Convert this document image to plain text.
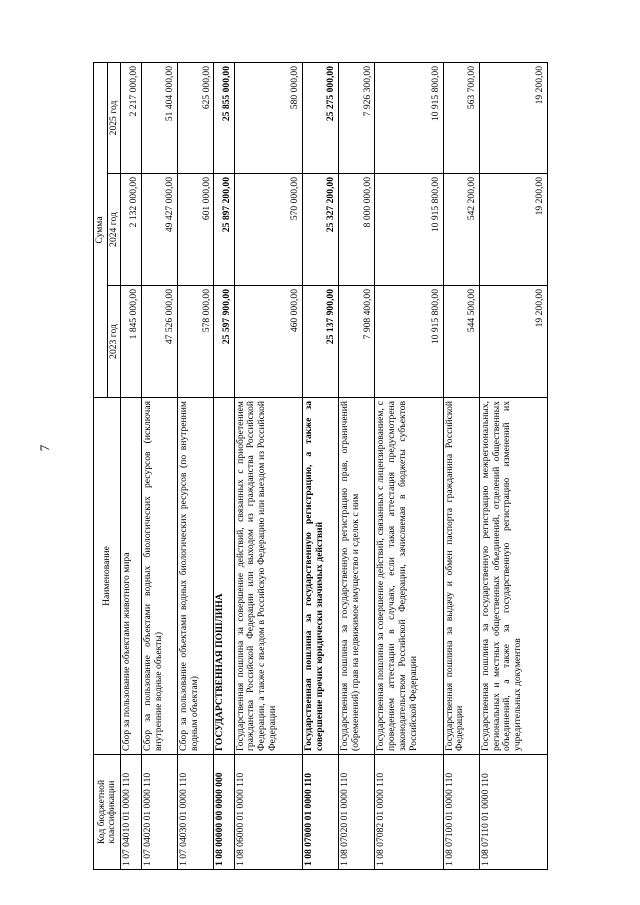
7
Код бюджетной классификации	Наименование	Сумма		
		2023 год	2024 год	2025 год
1 07 04010 01 0000 110	Сбор за пользование объектами животного мира	1 845 000,00	2 132 000,00	2 217 000,00
1 07 04020 01 0000 110	Сбор за пользование объектами водных биологических ресурсов (исключая внутренние водные объекты)	47 526 000,00	49 427 000,00	51 404 000,00
1 07 04030 01 0000 110	Сбор за пользование объектами водных биологических ресурсов (по внутренним водным объектам)	578 000,00	601 000,00	625 000,00
1 08 00000 00 0000 000	ГОСУДАРСТВЕННАЯ ПОШЛИНА	25 597 900,00	25 897 200,00	25 855 000,00
1 08 06000 01 0000 110	Государственная пошлина за совершение действий, связанных с приобретением гражданства Российской Федерации или выходом из гражданства Российской Федерации, а также с въездом в Российскую Федерацию или выездом из Российской Федерации	460 000,00	570 000,00	580 000,00
1 08 07000 01 0000 110	Государственная пошлина за государственную регистрацию, а также за совершение прочих юридически значимых действий	25 137 900,00	25 327 200,00	25 275 000,00
1 08 07020 01 0000 110	Государственная пошлина за государственную регистрацию прав, ограничений (обременений) прав на недвижимое имущество и сделок с ним	7 908 400,00	8 000 000,00	7 926 300,00
1 08 07082 01 0000 110	Государственная пошлина за совершение действий, связанных с лицензированием, с проведением аттестации в случаях, если такая аттестация предусмотрена законодательством Российской Федерации, зачисляемая в бюджеты субъектов Российской Федерации	10 915 800,00	10 915 800,00	10 915 800,00
1 08 07100 01 0000 110	Государственная пошлина за выдачу и обмен паспорта гражданина Российской Федерации	544 500,00	542 200,00	563 700,00
1 08 07110 01 0000 110	Государственная пошлина за государственную регистрацию межрегиональных, региональных и местных общественных объединений, отделений общественных объединений, а также за государственную регистрацию изменений их учредительных документов	19 200,00	19 200,00	19 200,00
